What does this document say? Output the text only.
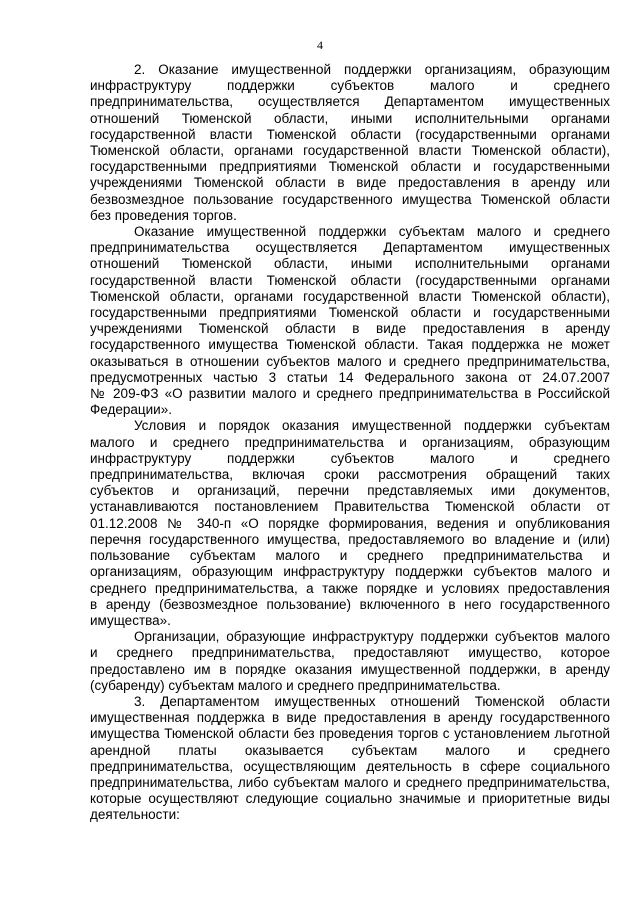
4

2. Оказание имущественной поддержки организациям, образующим
инфраструктуру поддержки субъектов малого и среднего
предпринимательства, осуществляется Департаментом имущественных
отношений Тюменской области, иными исполнительными органами
государственной власти Тюменской области (государственными органами
Тюменской области, органами государственной власти Тюменской области),
государственными предприятиями Тюменской области и государственными
учреждениями Тюменской области в виде предоставления в аренду или
безвозмездное пользование государственного имущества Тюменской области
без проведения торгов.

Оказание имущественной поддержки субъектам малого и среднего
предпринимательства осуществляется Департаментом имущественных
отношений Тюменской области, иными исполнительными органами
государственной власти Тюменской области (государственными органами
Тюменской области, органами государственной власти Тюменской области),
государственными предприятиями Тюменской области и государственными
учреждениями Тюменской области в виде предоставления в аренду
государственного имущества Тюменской области. Такая поддержка не может
оказываться в отношении субъектов малого и среднего предпринимательства,
предусмотренных частью 3 статьи 14 Федерального закона от 24.07.2007
№ 209-ФЗ «О развитии малого и среднего предпринимательства в Российской
Федерации».

Условия и порядок оказания имущественной поддержки субъектам
малого и среднего предпринимательства и организациям, образующим
инфраструктуру поддержки субъектов малого и среднего
предпринимательства, включая сроки рассмотрения обращений таких
субъектов и организаций, перечни представляемых ими документов,
устанавливаются постановлением Правительства Тюменской области от
01.12.2008 № 340-п «О порядке формирования, ведения и опубликования
перечня государственного имущества, предоставляемого во владение и (или)
пользование субъектам малого и среднего предпринимательства и
организациям, образующим инфраструктуру поддержки субъектов малого и
среднего предпринимательства, а также порядке и условиях предоставления
в аренду (безвозмездное пользование) включенного в него государственного
имущества».

Организации, образующие инфраструктуру поддержки субъектов малого
и среднего предпринимательства, предоставляют имущество, которое
предоставлено им в порядке оказания имущественной поддержки, в аренду
(субаренду) субъектам малого и среднего предпринимательства.

3. Департаментом имущественных отношений Тюменской области
имущественная поддержка в виде предоставления в аренду государственного
имущества Тюменской области без проведения торгов с установлением льготной
арендной платы оказывается субъектам малого и среднего
предпринимательства, осуществляющим деятельность в сфере социального
предпринимательства, либо субъектам малого и среднего предпринимательства,
которые осуществляют следующие социально значимые и приоритетные виды
деятельности:
